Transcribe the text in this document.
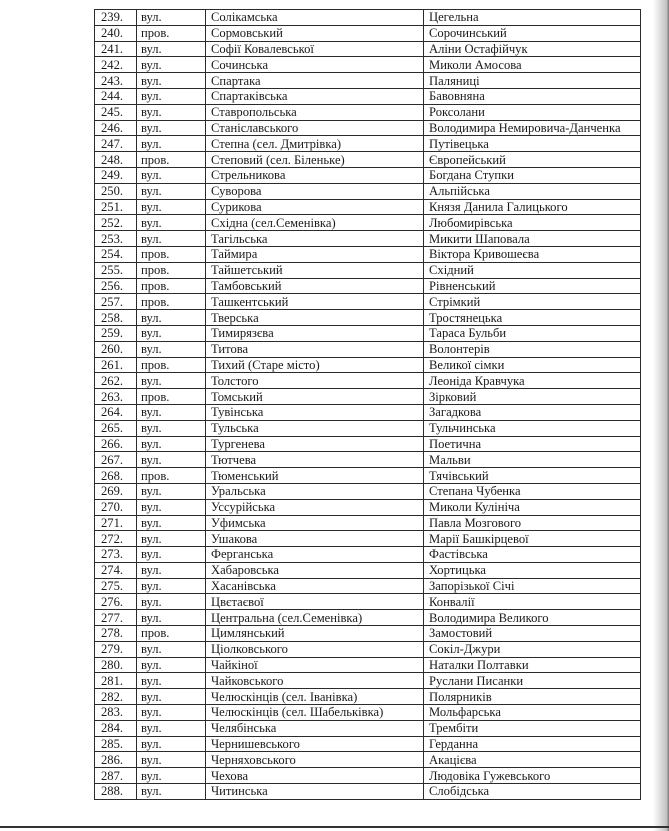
239.	вул.	Солікамська	Цегельна
240.	пров.	Сормовський	Сорочинський
241.	вул.	Софії Ковалевської	Аліни Остафійчук
242.	вул.	Сочинська	Миколи Амосова
243.	вул.	Спартака	Паляниці
244.	вул.	Спартаківська	Бавовняна
245.	вул.	Ставропольська	Роксолани
246.	вул.	Станіславського	Володимира Немировича-Данченка
247.	вул.	Степна (сел. Дмитрівка)	Путівецька
248.	пров.	Степовий (сел. Біленьке)	Європейський
249.	вул.	Стрельникова	Богдана Ступки
250.	вул.	Суворова	Альпійська
251.	вул.	Сурикова	Князя Данила Галицького
252.	вул.	Східна (сел.Семенівка)	Любомирівська
253.	вул.	Тагільська	Микити Шаповала
254.	пров.	Таймира	Віктора Кривошеєва
255.	пров.	Тайшетський	Східний
256.	пров.	Тамбовський	Рівненський
257.	пров.	Ташкентський	Стрімкий
258.	вул.	Тверська	Тростянецька
259.	вул.	Тимирязєва	Тараса Бульби
260.	вул.	Титова	Волонтерів
261.	пров.	Тихий (Старе місто)	Великої сімки
262.	вул.	Толстого	Леоніда Кравчука
263.	пров.	Томський	Зірковий
264.	вул.	Тувінська	Загадкова
265.	вул.	Тульська	Тульчинська
266.	вул.	Тургенева	Поетична
267.	вул.	Тютчева	Мальви
268.	пров.	Тюменський	Тячівський
269.	вул.	Уральська	Степана Чубенка
270.	вул.	Уссурійська	Миколи Кулініча
271.	вул.	Уфимська	Павла Мозгового
272.	вул.	Ушакова	Марії Башкірцевої
273.	вул.	Ферганська	Фастівська
274.	вул.	Хабаровська	Хортицька
275.	вул.	Хасанівська	Запорізької Січі
276.	вул.	Цвєтаєвої	Конвалії
277.	вул.	Центральна (сел.Семенівка)	Володимира Великого
278.	пров.	Цимлянський	Замостовий
279.	вул.	Ціолковського	Сокіл-Джури
280.	вул.	Чайкіної	Наталки Полтавки
281.	вул.	Чайковського	Руслани Писанки
282.	вул.	Челюскінців (сел. Іванівка)	Полярників
283.	вул.	Челюскінців (сел. Шабельківка)	Мольфарська
284.	вул.	Челябінська	Трембіти
285.	вул.	Чернишевського	Герданна
286.	вул.	Черняховського	Акацієва
287.	вул.	Чехова	Людовіка Гужевського
288.	вул.	Читинська	Слобідська
